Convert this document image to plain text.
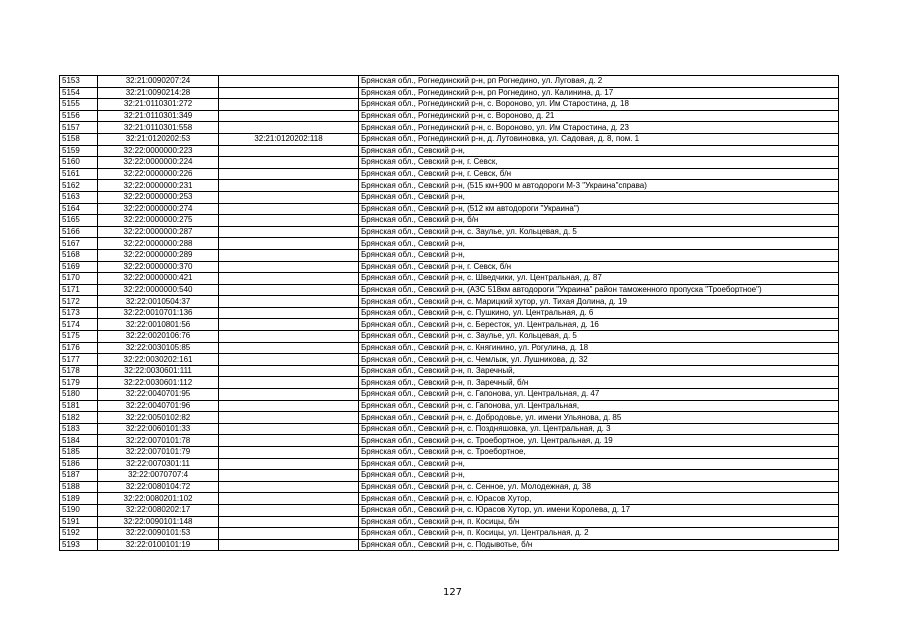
5153	32:21:0090207:24		Брянская обл., Рогнединский р-н, рп Рогнедино, ул. Луговая, д. 2
5154	32:21:0090214:28		Брянская обл., Рогнединский р-н, рп Рогнедино, ул. Калинина, д. 17
5155	32:21:0110301:272		Брянская обл., Рогнединский р-н, с. Вороново, ул. Им Старостина, д. 18
5156	32:21:0110301:349		Брянская обл., Рогнединский р-н, с. Вороново, д. 21
5157	32:21:0110301:558		Брянская обл., Рогнединский р-н, с. Вороново, ул. Им Старостина, д. 23
5158	32:21:0120202:53	32:21:0120202:118	Брянская обл., Рогнединский р-н, д. Лутовиновка, ул. Садовая, д. 8, пом. 1
5159	32:22:0000000:223		Брянская обл., Севский р-н,
5160	32:22:0000000:224		Брянская обл., Севский р-н, г. Севск,
5161	32:22:0000000:226		Брянская обл., Севский р-н, г. Севск, б/н
5162	32:22:0000000:231		Брянская обл., Севский р-н, (515 км+900 м автодороги М-3 "Украина"справа)
5163	32:22:0000000:253		Брянская обл., Севский р-н,
5164	32:22:0000000:274		Брянская обл., Севский р-н, (512 км автодороги "Украина")
5165	32:22:0000000:275		Брянская обл., Севский р-н, б/н
5166	32:22:0000000:287		Брянская обл., Севский р-н, с. Заулье, ул. Кольцевая, д. 5
5167	32:22:0000000:288		Брянская обл., Севский р-н,
5168	32:22:0000000:289		Брянская обл., Севский р-н,
5169	32:22:0000000:370		Брянская обл., Севский р-н, г. Севск, б/н
5170	32:22:0000000:421		Брянская обл., Севский р-н, с. Шведчики, ул. Центральная, д. 87
5171	32:22:0000000:540		Брянская обл., Севский р-н, (АЗС 518км автодороги "Украина" район таможенного пропуска "Троебортное")
5172	32:22:0010504:37		Брянская обл., Севский р-н, с. Марицкий хутор, ул. Тихая Долина, д. 19
5173	32:22:0010701:136		Брянская обл., Севский р-н, с. Пушкино, ул. Центральная, д. 6
5174	32:22:0010801:56		Брянская обл., Севский р-н, с. Бересток, ул. Центральная, д. 16
5175	32:22:0020106:76		Брянская обл., Севский р-н, с. Заулье, ул. Кольцевая, д. 5
5176	32:22:0030105:85		Брянская обл., Севский р-н, с. Княгинино, ул. Рогулина, д. 18
5177	32:22:0030202:161		Брянская обл., Севский р-н, с. Чемлыж, ул. Лушникова, д. 32
5178	32:22:0030601:111		Брянская обл., Севский р-н, п. Заречный,
5179	32:22:0030601:112		Брянская обл., Севский р-н, п. Заречный, б/н
5180	32:22:0040701:95		Брянская обл., Севский р-н, с. Гапонова, ул. Центральная, д. 47
5181	32:22:0040701:96		Брянская обл., Севский р-н, с. Гапонова, ул. Центральная,
5182	32:22:0050102:82		Брянская обл., Севский р-н, с. Добродовье, ул. имени Ульянова, д. 85
5183	32:22:0060101:33		Брянская обл., Севский р-н, с. Поздняшовка, ул. Центральная, д. 3
5184	32:22:0070101:78		Брянская обл., Севский р-н, с. Троебортное, ул. Центральная, д. 19
5185	32:22:0070101:79		Брянская обл., Севский р-н, с. Троебортное,
5186	32:22:0070301:11		Брянская обл., Севский р-н,
5187	32:22:0070707:4		Брянская обл., Севский р-н,
5188	32:22:0080104:72		Брянская обл., Севский р-н, с. Сенное, ул. Молодежная, д. 38
5189	32:22:0080201:102		Брянская обл., Севский р-н, с. Юрасов Хутор,
5190	32:22:0080202:17		Брянская обл., Севский р-н, с. Юрасов Хутор, ул. имени Королева, д. 17
5191	32:22:0090101:148		Брянская обл., Севский р-н, п. Косицы, б/н
5192	32:22:0090101:53		Брянская обл., Севский р-н, п. Косицы, ул. Центральная, д. 2
5193	32:22:0100101:19		Брянская обл., Севский р-н, с. Подывотье, б/н
127
